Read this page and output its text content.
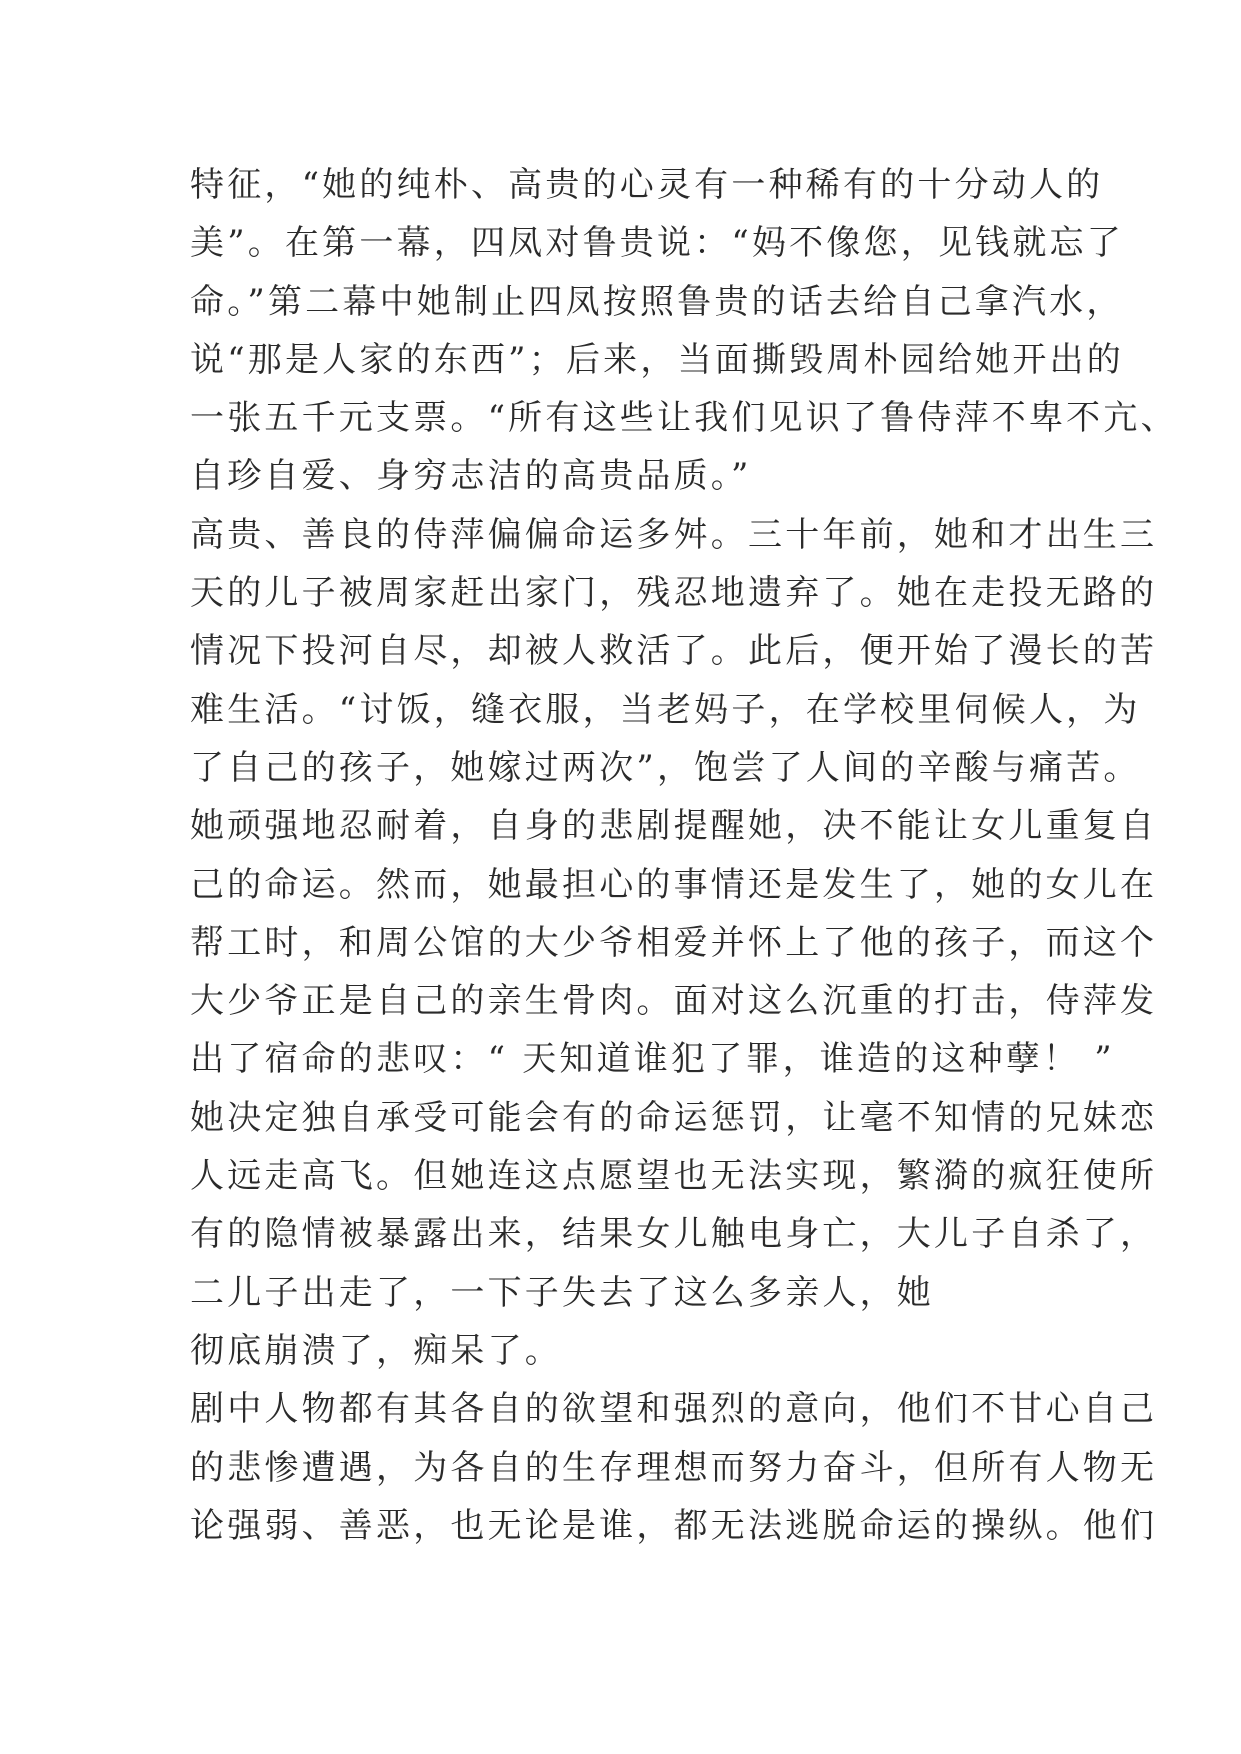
特征，“她的纯朴、高贵的心灵有一种稀有的十分动人的
美”。在第一幕，四凤对鲁贵说：“妈不像您，见钱就忘了
命。”第二幕中她制止四凤按照鲁贵的话去给自己拿汽水，
说“那是人家的东西”；后来，当面撕毁周朴园给她开出的
一张五千元支票。“所有这些让我们见识了鲁侍萍不卑不亢、
自珍自爱、身穷志洁的高贵品质。”
高贵、善良的侍萍偏偏命运多舛。三十年前，她和才出生三
天的儿子被周家赶出家门，残忍地遗弃了。她在走投无路的
情况下投河自尽，却被人救活了。此后，便开始了漫长的苦
难生活。“讨饭，缝衣服，当老妈子，在学校里伺候人，为
了自己的孩子，她嫁过两次”，饱尝了人间的辛酸与痛苦。
她顽强地忍耐着，自身的悲剧提醒她，决不能让女儿重复自
己的命运。然而，她最担心的事情还是发生了，她的女儿在
帮工时，和周公馆的大少爷相爱并怀上了他的孩子，而这个
大少爷正是自己的亲生骨肉。面对这么沉重的打击，侍萍发
出了宿命的悲叹：“ 天知道谁犯了罪，谁造的这种孽！ ”
她决定独自承受可能会有的命运惩罚，让毫不知情的兄妹恋
人远走高飞。但她连这点愿望也无法实现，繁漪的疯狂使所
有的隐情被暴露出来，结果女儿触电身亡，大儿子自杀了，
二儿子出走了，一下子失去了这么多亲人，她
彻底崩溃了，痴呆了。
剧中人物都有其各自的欲望和强烈的意向，他们不甘心自己
的悲惨遭遇，为各自的生存理想而努力奋斗，但所有人物无
论强弱、善恶，也无论是谁，都无法逃脱命运的操纵。他们
